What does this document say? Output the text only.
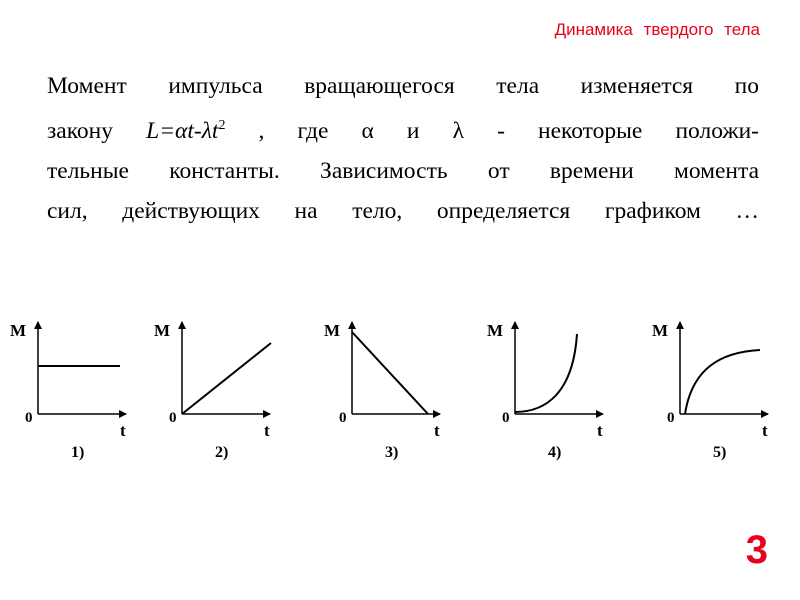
Динамика твердого тела
Момент импульса вращающегося тела изменяется по
закону $L=\alpha t-\lambda t^2$ , где α и λ - некоторые положи-
тельные константы. Зависимость от времени момента
сил, действующих на тело, определяется графиком …
M
t
0
1)
M
t
0
2)
M
t
0
3)
M
t
0
4)
M
t
0
5)
3
